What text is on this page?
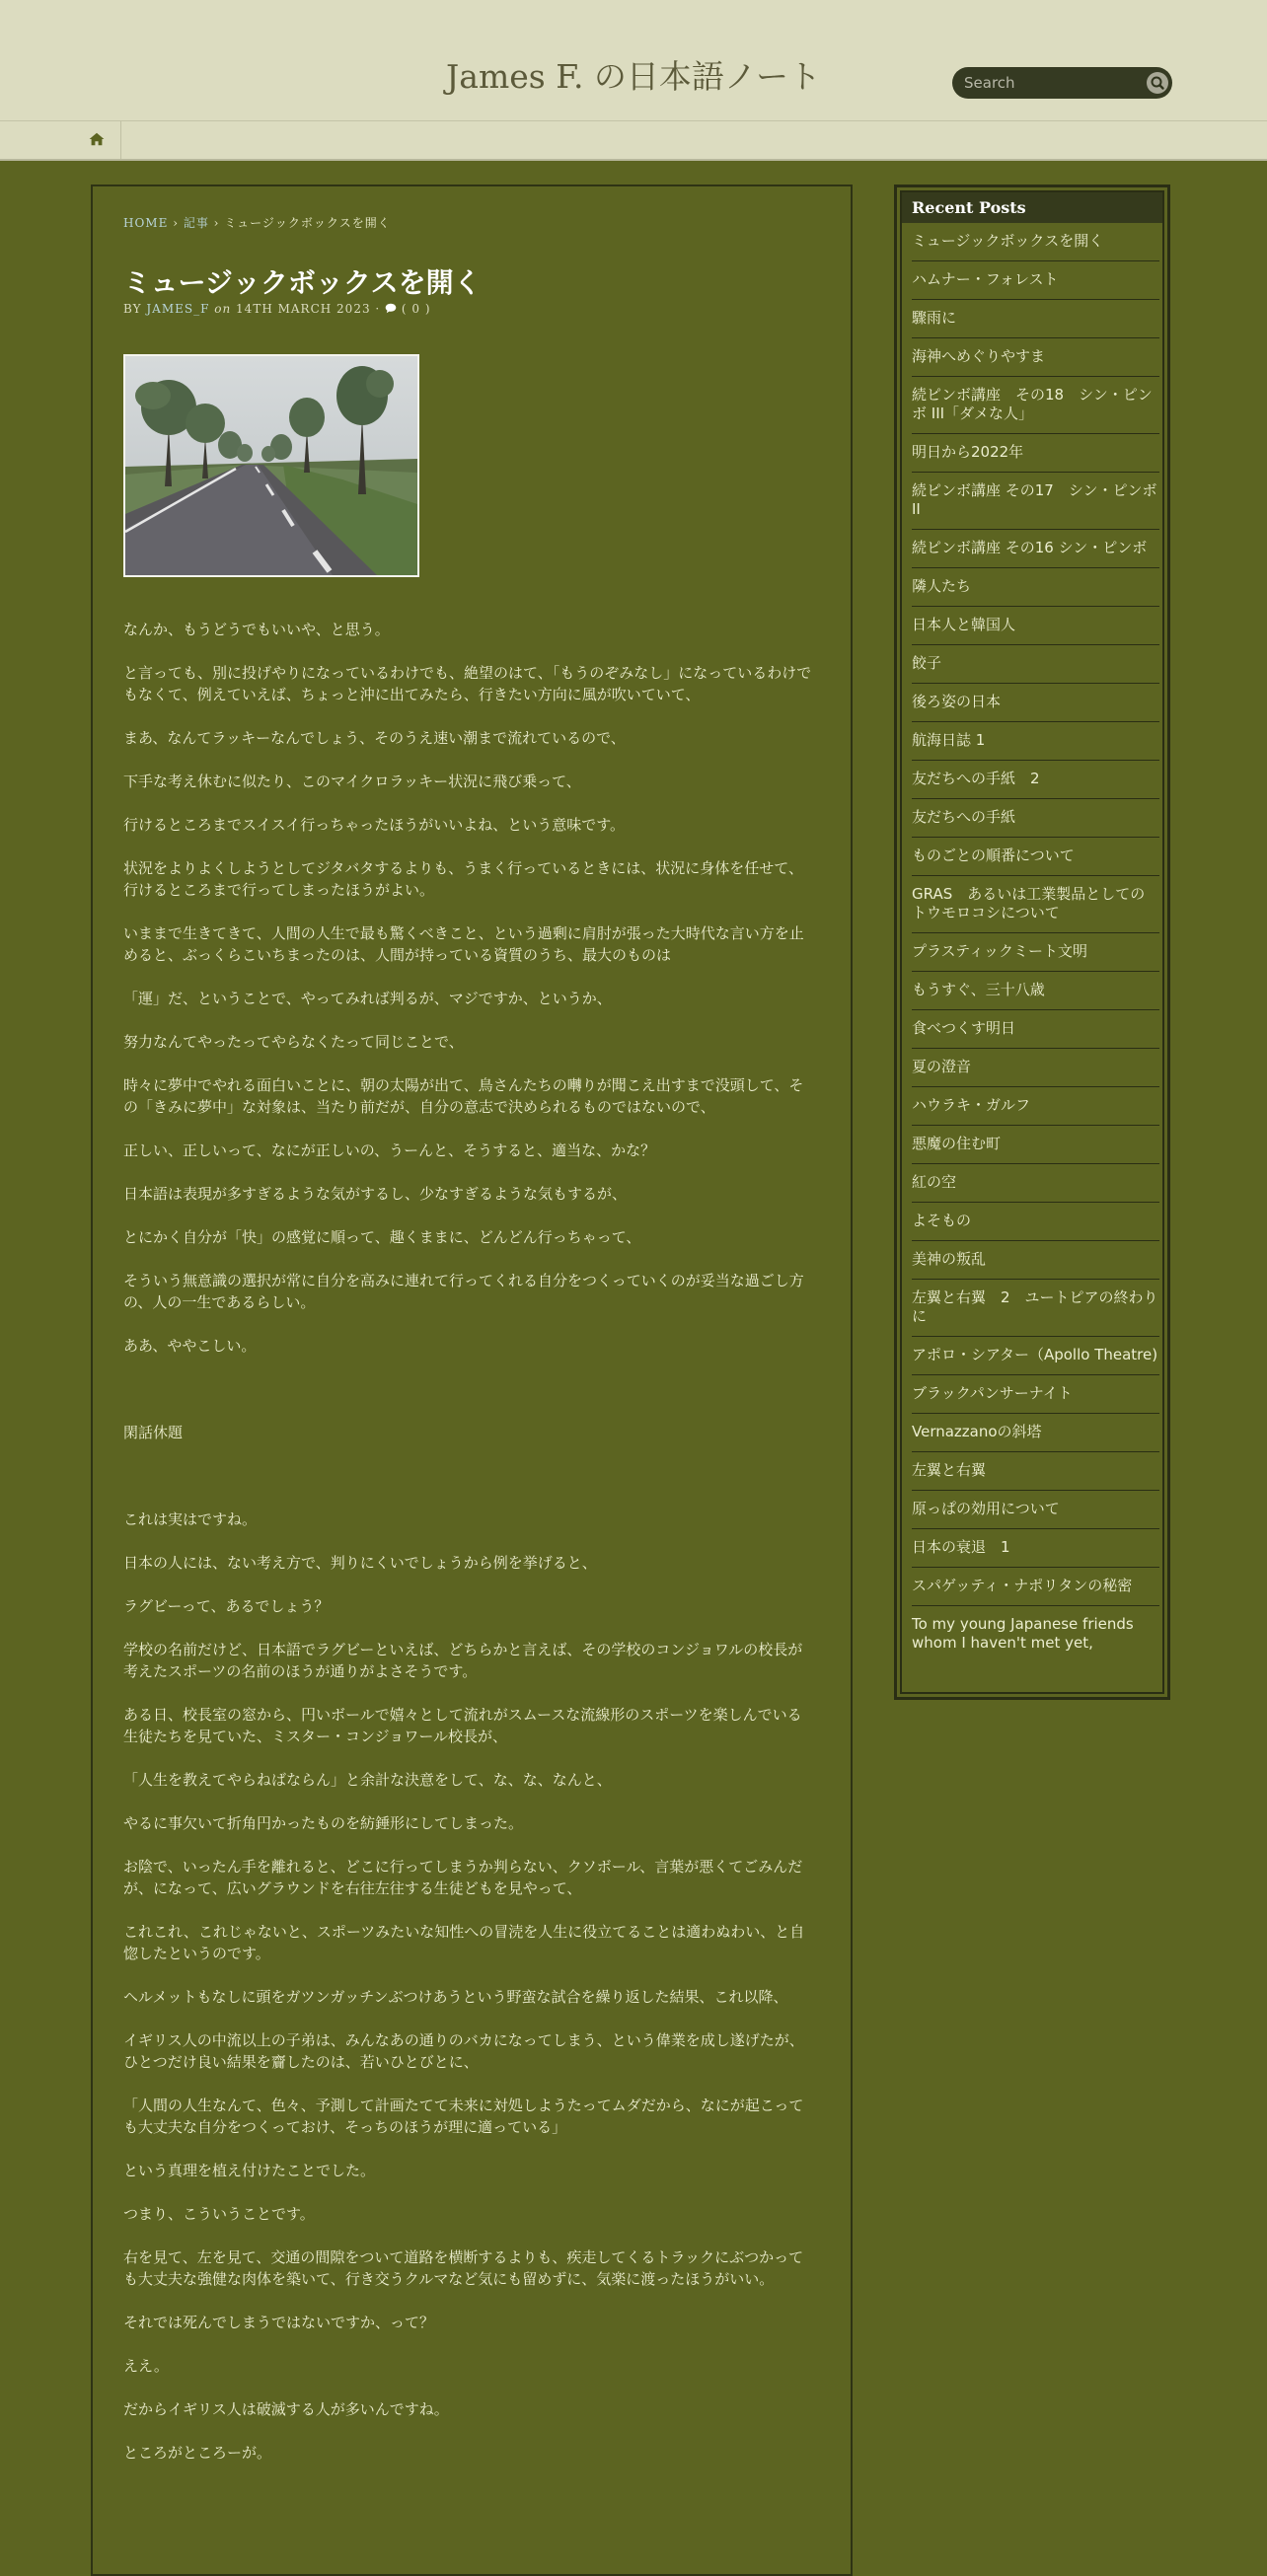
James F. の日本語ノート
Search
HOME › 記事 › ミュージックボックスを開く
ミュージックボックスを開く
BY JAMES_F on 14TH MARCH 2023 · ( 0 )

なんか、もうどうでもいいや、と思う。

と言っても、別に投げやりになっているわけでも、絶望のはて、「もうのぞみなし」になっているわけでもなくて、例えていえば、ちょっと沖に出てみたら、行きたい方向に風が吹いていて、

まあ、なんてラッキーなんでしょう、そのうえ速い潮まで流れているので、

下手な考え休むに似たり、このマイクロラッキー状況に飛び乗って、

行けるところまでスイスイ行っちゃったほうがいいよね、という意味です。

状況をよりよくしようとしてジタバタするよりも、うまく行っているときには、状況に身体を任せて、行けるところまで行ってしまったほうがよい。

いままで生きてきて、人間の人生で最も驚くべきこと、という過剰に肩肘が張った大時代な言い方を止めると、ぶっくらこいちまったのは、人間が持っている資質のうち、最大のものは

「運」だ、ということで、やってみれば判るが、マジですか、というか、

努力なんてやったってやらなくたって同じことで、

時々に夢中でやれる面白いことに、朝の太陽が出て、鳥さんたちの囀りが聞こえ出すまで没頭して、その「きみに夢中」な対象は、当たり前だが、自分の意志で決められるものではないので、

正しい、正しいって、なにが正しいの、うーんと、そうすると、適当な、かな？

日本語は表現が多すぎるような気がするし、少なすぎるような気もするが、

とにかく自分が「快」の感覚に順って、趣くままに、どんどん行っちゃって、

そういう無意識の選択が常に自分を高みに連れて行ってくれる自分をつくっていくのが妥当な過ごし方の、人の一生であるらしい。

ああ、ややこしい。

閑話休題

これは実はですね。

日本の人には、ない考え方で、判りにくいでしょうから例を挙げると、

ラグビーって、あるでしょう？

学校の名前だけど、日本語でラグビーといえば、どちらかと言えば、その学校のコンジョワルの校長が考えたスポーツの名前のほうが通りがよさそうです。

ある日、校長室の窓から、円いボールで嬉々として流れがスムースな流線形のスポーツを楽しんでいる生徒たちを見ていた、ミスター・コンジョワール校長が、

「人生を教えてやらねばならん」と余計な決意をして、な、な、なんと、

やるに事欠いて折角円かったものを紡錘形にしてしまった。

お陰で、いったん手を離れると、どこに行ってしまうか判らない、クソボール、言葉が悪くてごみんだが、になって、広いグラウンドを右往左往する生徒どもを見やって、

これこれ、これじゃないと、スポーツみたいな知性への冒涜を人生に役立てることは適わぬわい、と自惚したというのです。

ヘルメットもなしに頭をガツンガッチンぶつけあうという野蛮な試合を繰り返した結果、これ以降、

イギリス人の中流以上の子弟は、みんなあの通りのバカになってしまう、という偉業を成し遂げたが、ひとつだけ良い結果を齎したのは、若いひとびとに、

「人間の人生なんて、色々、予測して計画たてて未来に対処しようたってムダだから、なにが起こっても大丈夫な自分をつくっておけ、そっちのほうが理に適っている」

という真理を植え付けたことでした。

つまり、こういうことです。

右を見て、左を見て、交通の間隙をついて道路を横断するよりも、疾走してくるトラックにぶつかっても大丈夫な強健な肉体を築いて、行き交うクルマなど気にも留めずに、気楽に渡ったほうがいい。

それでは死んでしまうではないですか、って？

ええ。

だからイギリス人は破滅する人が多いんですね。

ところがところーが。

Recent Posts
ミュージックボックスを開く
ハムナー・フォレスト
驟雨に
海神へめぐりやすま
続ピンボ講座　その18　シン・ピンボ III「ダメな人」
明日から2022年
続ピンボ講座 その17　シン・ピンボ II
続ピンボ講座 その16 シン・ピンボ
隣人たち
日本人と韓国人
餃子
後ろ姿の日本
航海日誌 1
友だちへの手紙　2
友だちへの手紙
ものごとの順番について
GRAS　あるいは工業製品としてのトウモロコシについて
プラスティックミート文明
もうすぐ、三十八歳
食べつくす明日
夏の澄音
ハウラキ・ガルフ
悪魔の住む町
紅の空
よそもの
美神の叛乱
左翼と右翼　2　ユートピアの終わりに
アポロ・シアター（Apollo Theatre)
ブラックパンサーナイト
Vernazzanoの斜塔
左翼と右翼
原っぱの効用について
日本の衰退　1
スパゲッティ・ナポリタンの秘密
To my young Japanese friends whom I haven't met yet,
